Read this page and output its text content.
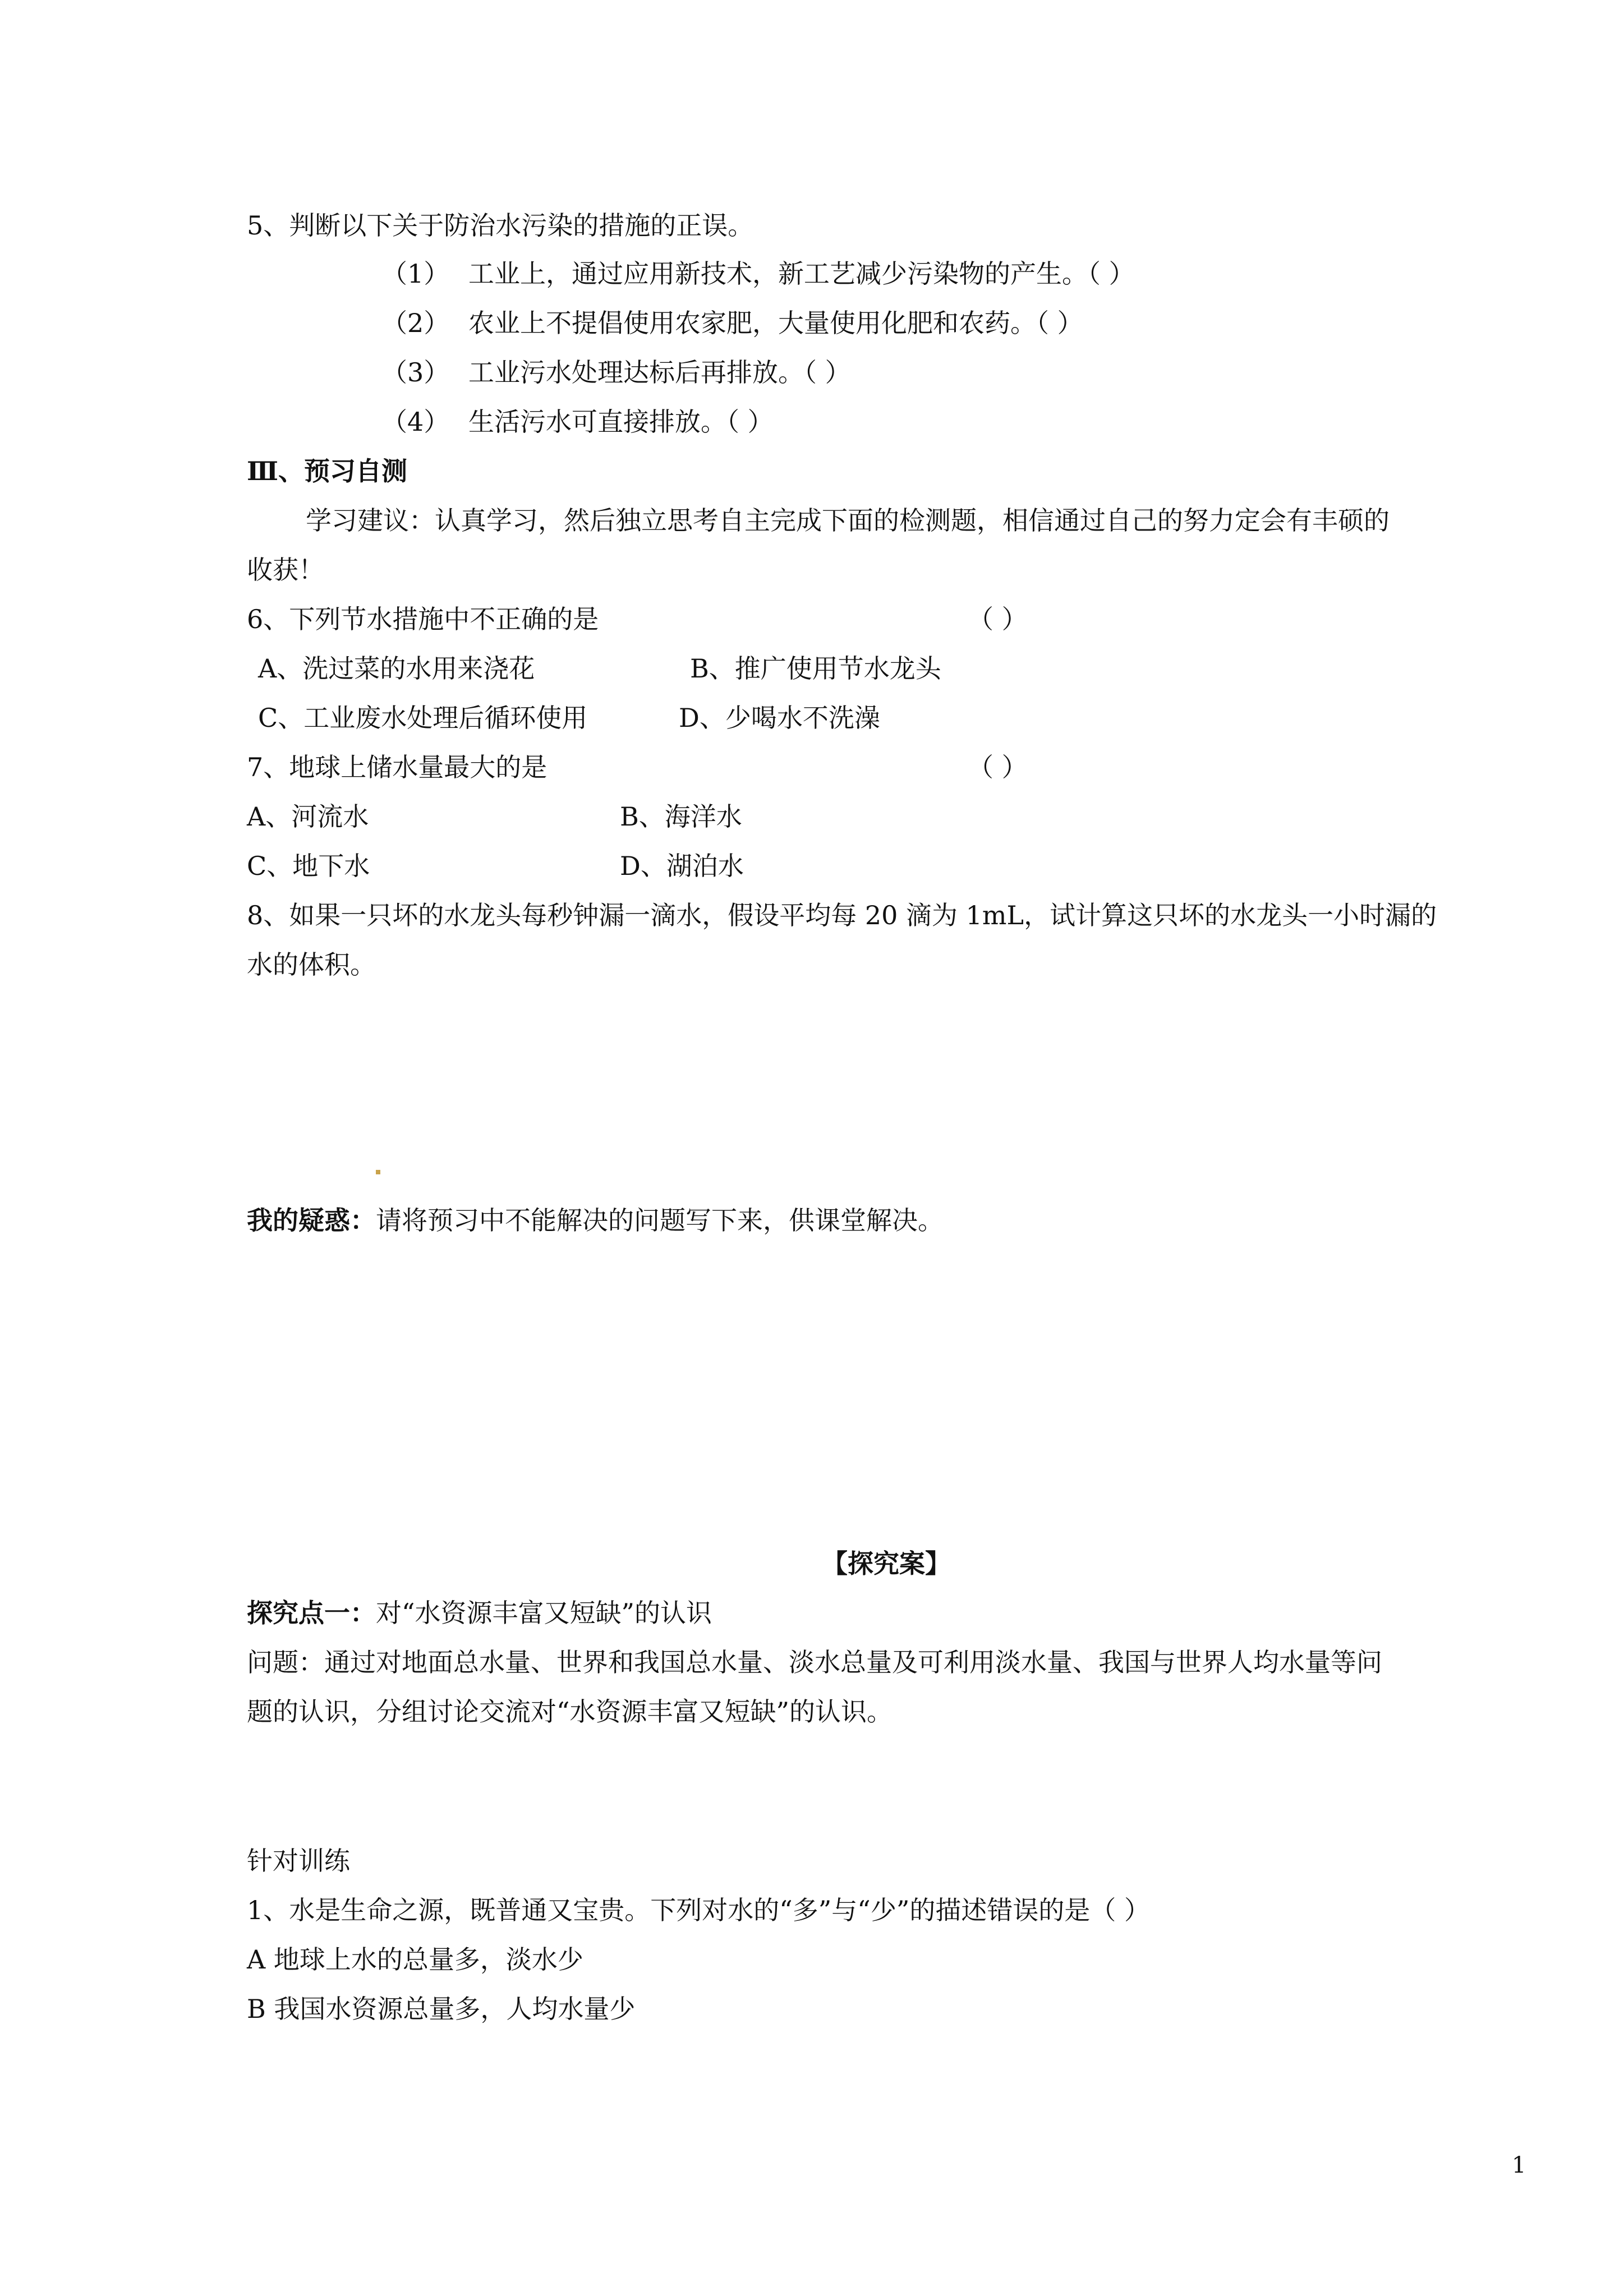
5、判断以下关于防治水污染的措施的正误。
（1） 工业上，通过应用新技术，新工艺减少污染物的产生。（ ）
（2） 农业上不提倡使用农家肥，大量使用化肥和农药。（ ）
（3） 工业污水处理达标后再排放。（ ）
（4） 生活污水可直接排放。（ ）
Ⅲ、预习自测
学习建议：认真学习，然后独立思考自主完成下面的检测题，相信通过自己的努力定会有丰硕的
收获！
6、下列节水措施中不正确的是	（ ）
A、洗过菜的水用来浇花	B、推广使用节水龙头
C、工业废水处理后循环使用	D、少喝水不洗澡
7、地球上储水量最大的是	（ ）
A、河流水	B、海洋水
C、地下水	D、湖泊水
8、如果一只坏的水龙头每秒钟漏一滴水，假设平均每 20 滴为 1mL，试计算这只坏的水龙头一小时漏的
水的体积。
我的疑惑：请将预习中不能解决的问题写下来，供课堂解决。
【探究案】
探究点一：对“水资源丰富又短缺”的认识
问题：通过对地面总水量、世界和我国总水量、淡水总量及可利用淡水量、我国与世界人均水量等问
题的认识，分组讨论交流对“水资源丰富又短缺”的认识。
针对训练
1、水是生命之源，既普通又宝贵。下列对水的“多”与“少”的描述错误的是（ ）
A 地球上水的总量多，淡水少
B 我国水资源总量多，人均水量少
1
